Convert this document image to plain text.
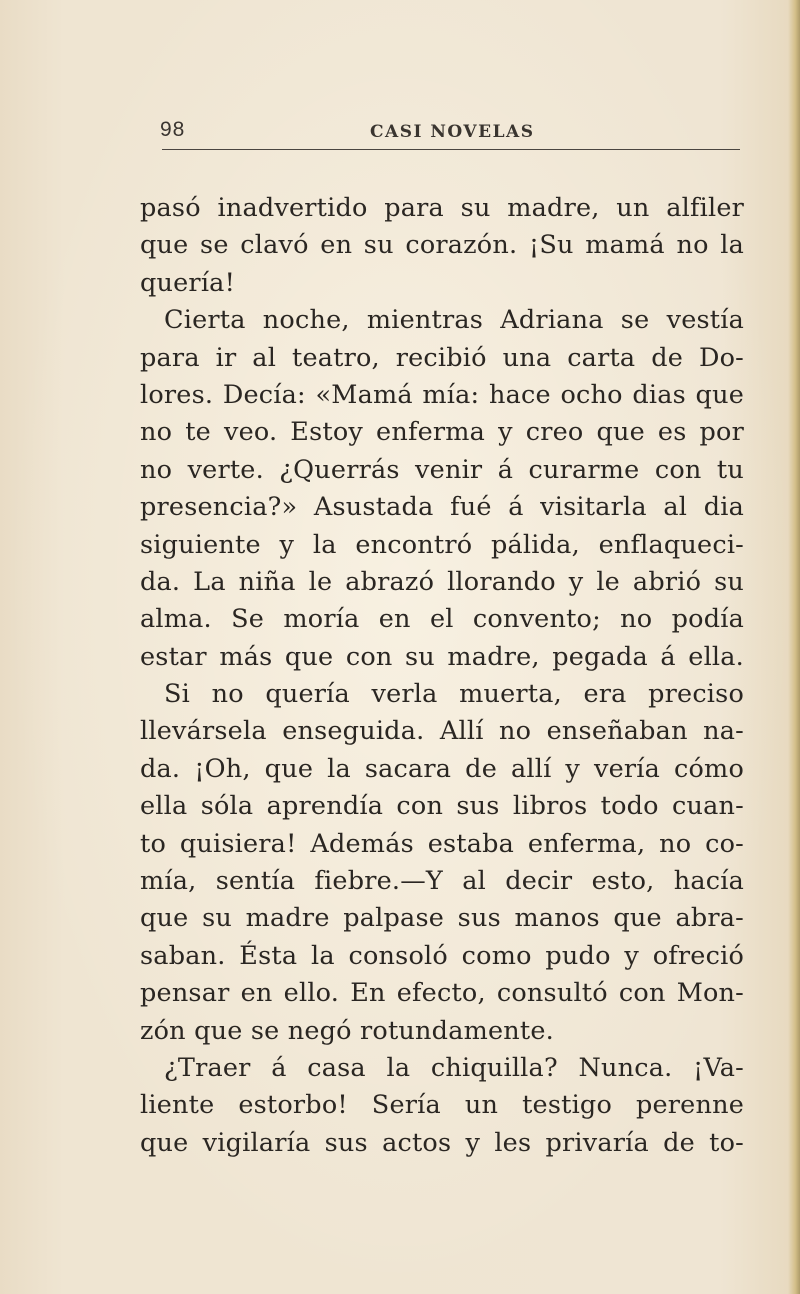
98	CASI NOVELAS
pasó inadvertido para su madre, un alfiler
que se clavó en su corazón. ¡Su mamá no la
quería!
Cierta noche, mientras Adriana se vestía
para ir al teatro, recibió una carta de Do-
lores. Decía: «Mamá mía: hace ocho dias que
no te veo. Estoy enferma y creo que es por
no verte. ¿Querrás venir á curarme con tu
presencia?» Asustada fué á visitarla al dia
siguiente y la encontró pálida, enflaqueci-
da. La niña le abrazó llorando y le abrió su
alma. Se moría en el convento; no podía
estar más que con su madre, pegada á ella.
Si no quería verla muerta, era preciso
llevársela enseguida. Allí no enseñaban na-
da. ¡Oh, que la sacara de allí y vería cómo
ella sóla aprendía con sus libros todo cuan-
to quisiera! Además estaba enferma, no co-
mía, sentía fiebre.—Y al decir esto, hacía
que su madre palpase sus manos que abra-
saban. Ésta la consoló como pudo y ofreció
pensar en ello. En efecto, consultó con Mon-
zón que se negó rotundamente.
¿Traer á casa la chiquilla? Nunca. ¡Va-
liente estorbo! Sería un testigo perenne
que vigilaría sus actos y les privaría de to-
